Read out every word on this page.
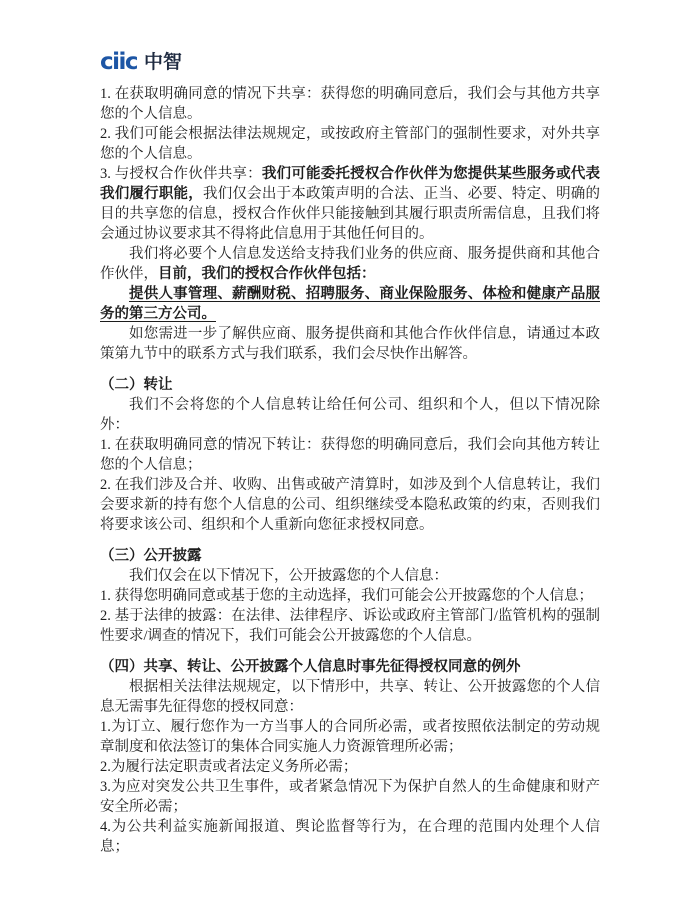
ciic 中智

1. 在获取明确同意的情况下共享：获得您的明确同意后，我们会与其他方共享您的个人信息。

2. 我们可能会根据法律法规规定，或按政府主管部门的强制性要求，对外共享您的个人信息。

3. 与授权合作伙伴共享：我们可能委托授权合作伙伴为您提供某些服务或代表我们履行职能，我们仅会出于本政策声明的合法、正当、必要、特定、明确的目的共享您的信息，授权合作伙伴只能接触到其履行职责所需信息，且我们将会通过协议要求其不得将此信息用于其他任何目的。

我们将必要个人信息发送给支持我们业务的供应商、服务提供商和其他合作伙伴，目前，我们的授权合作伙伴包括：

提供人事管理、薪酬财税、招聘服务、商业保险服务、体检和健康产品服务的第三方公司。

如您需进一步了解供应商、服务提供商和其他合作伙伴信息，请通过本政策第九节中的联系方式与我们联系，我们会尽快作出解答。

（二）转让

我们不会将您的个人信息转让给任何公司、组织和个人，但以下情况除外：

1. 在获取明确同意的情况下转让：获得您的明确同意后，我们会向其他方转让您的个人信息；

2. 在我们涉及合并、收购、出售或破产清算时，如涉及到个人信息转让，我们会要求新的持有您个人信息的公司、组织继续受本隐私政策的约束，否则我们将要求该公司、组织和个人重新向您征求授权同意。

（三）公开披露

我们仅会在以下情况下，公开披露您的个人信息：

1. 获得您明确同意或基于您的主动选择，我们可能会公开披露您的个人信息；

2. 基于法律的披露：在法律、法律程序、诉讼或政府主管部门/监管机构的强制性要求/调查的情况下，我们可能会公开披露您的个人信息。

（四）共享、转让、公开披露个人信息时事先征得授权同意的例外

根据相关法律法规规定，以下情形中，共享、转让、公开披露您的个人信息无需事先征得您的授权同意：

1.为订立、履行您作为一方当事人的合同所必需，或者按照依法制定的劳动规章制度和依法签订的集体合同实施人力资源管理所必需；

2.为履行法定职责或者法定义务所必需；

3.为应对突发公共卫生事件，或者紧急情况下为保护自然人的生命健康和财产安全所必需；

4.为公共利益实施新闻报道、舆论监督等行为，在合理的范围内处理个人信息；
